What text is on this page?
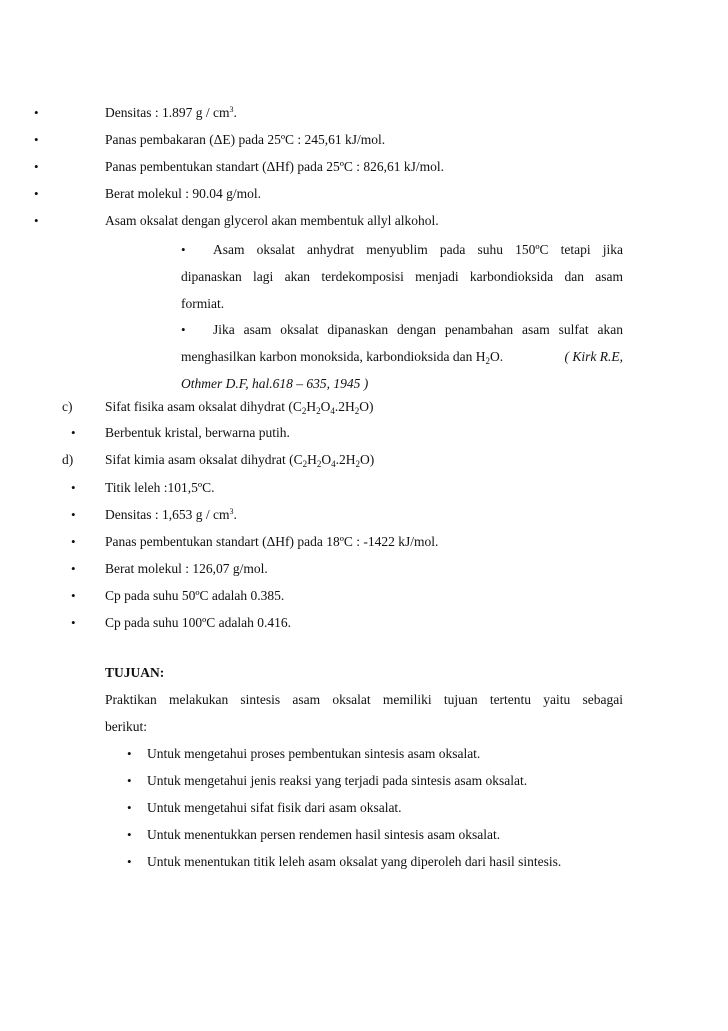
•
Densitas : 1.897 g / $cm^3$.
•
Panas pembakaran (ΔE) pada 25ºC : 245,61 kJ/mol.
•
Panas pembentukan standart (ΔHf) pada 25ºC : 826,61 kJ/mol.
•
Berat molekul : 90.04 g/mol.
•
Asam oksalat dengan glycerol akan membentuk allyl alkohol.
•
Asam oksalat anhydrat menyublim pada suhu 150ºC tetapi jika
dipanaskan lagi akan terdekomposisi menjadi karbondioksida dan asam
formiat.
•
Jika asam oksalat dipanaskan dengan penambahan asam sulfat akan
menghasilkan karbon monoksida, karbondioksida dan $H_2O$.	( Kirk R.E,
Othmer D.F, hal.618 – 635, 1945 )
c) Sifat fisika asam oksalat dihydrat $(C_2H_2O_4.2H_2O)$
•
Berbentuk kristal, berwarna putih.
d) Sifat kimia asam oksalat dihydrat $(C_2H_2O_4.2H_2O)$
•
Titik leleh :101,5ºC.
•
Densitas : 1,653 g / $cm^3$.
•
Panas pembentukan standart (ΔHf) pada 18ºC : -1422 kJ/mol.
•
Berat molekul : 126,07 g/mol.
•
Cp pada suhu 50ºC adalah 0.385.
•
Cp pada suhu 100ºC adalah 0.416.
TUJUAN:
Praktikan melakukan sintesis asam oksalat memiliki tujuan tertentu yaitu sebagai
berikut:
•
Untuk mengetahui proses pembentukan sintesis asam oksalat.
•
Untuk mengetahui jenis reaksi yang terjadi pada sintesis asam oksalat.
•
Untuk mengetahui sifat fisik dari asam oksalat.
•
Untuk menentukkan persen rendemen hasil sintesis asam oksalat.
•
Untuk menentukan titik leleh asam oksalat yang diperoleh dari hasil sintesis.
